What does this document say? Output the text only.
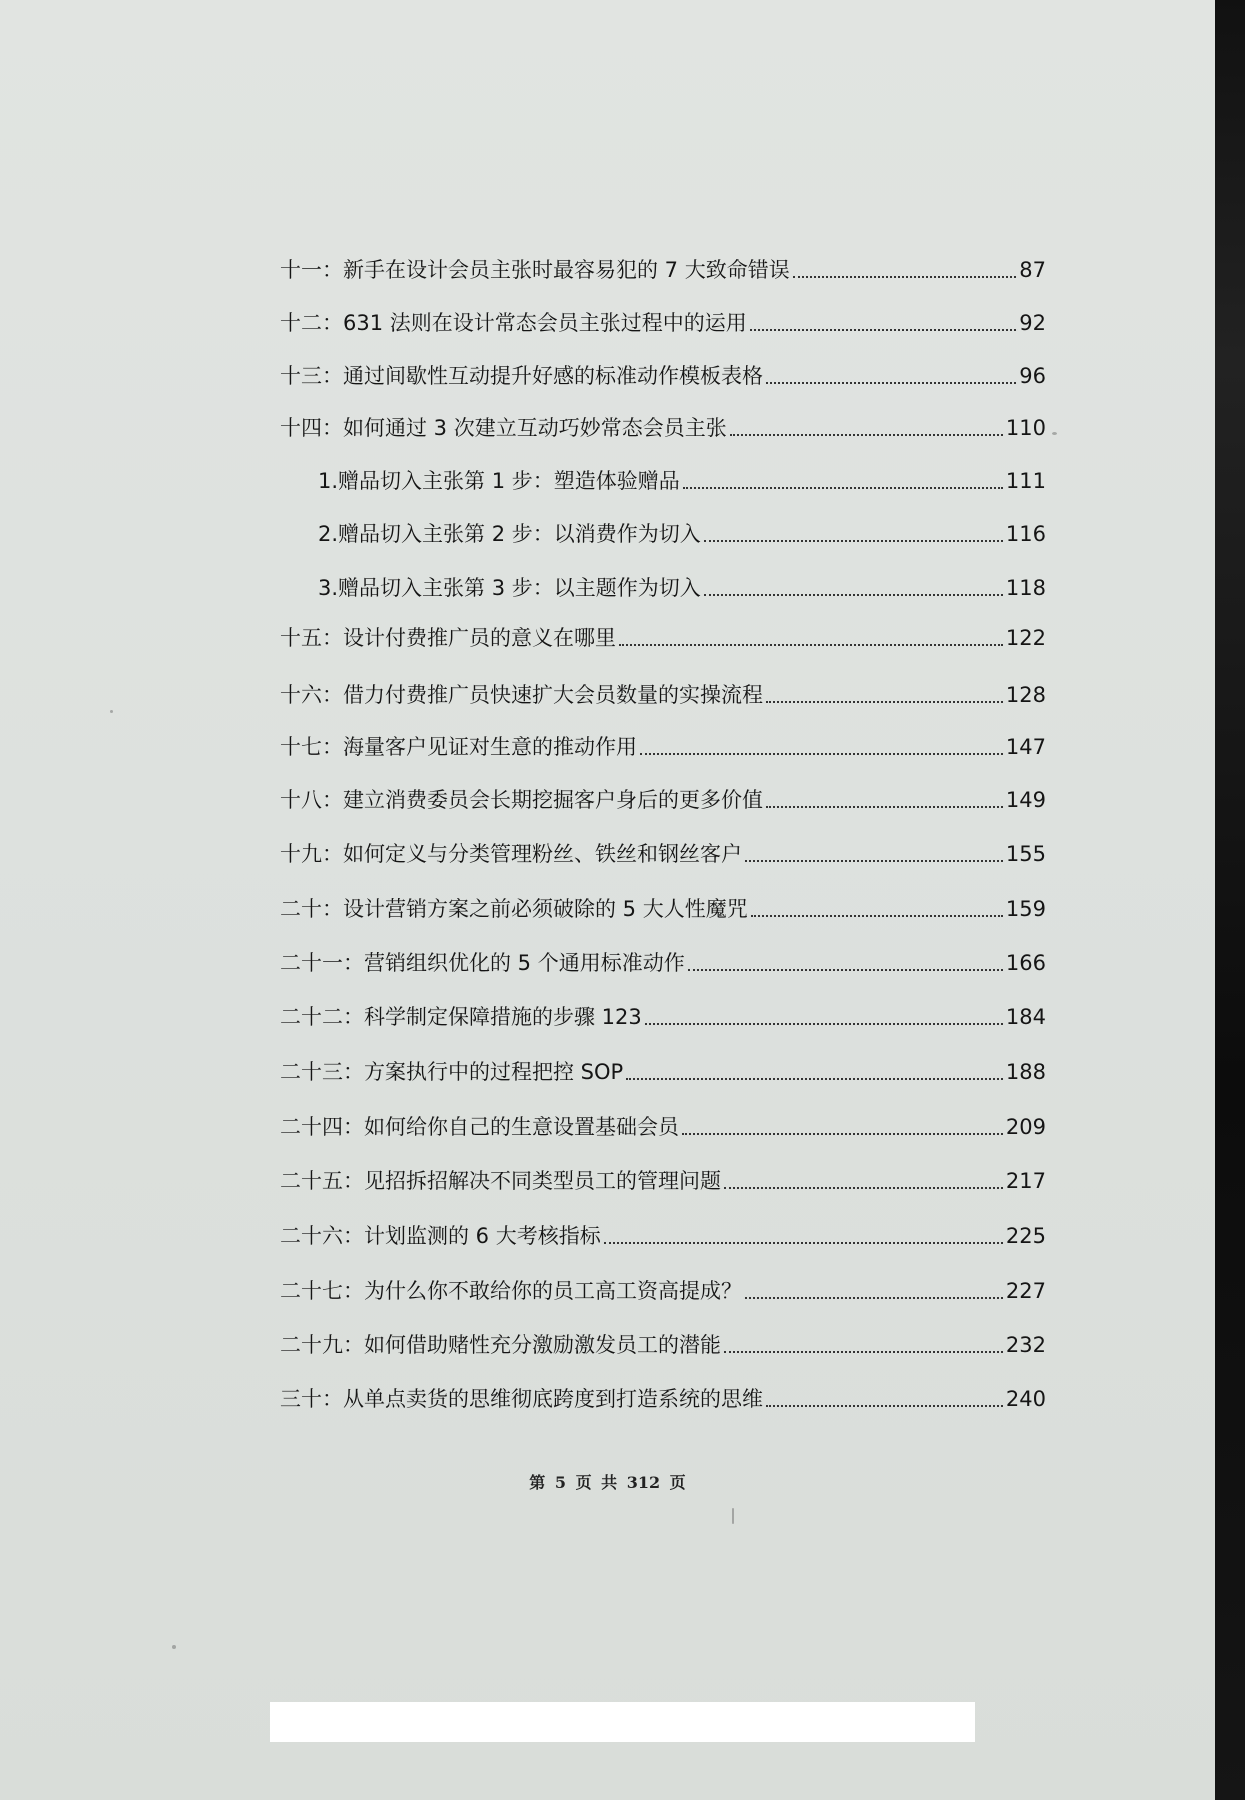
十一：新手在设计会员主张时最容易犯的 7 大致命错误	87
十二：631 法则在设计常态会员主张过程中的运用	92
十三：通过间歇性互动提升好感的标准动作模板表格	96
十四：如何通过 3 次建立互动巧妙常态会员主张	110
1.赠品切入主张第 1 步：塑造体验赠品	111
2.赠品切入主张第 2 步：以消费作为切入	116
3.赠品切入主张第 3 步：以主题作为切入	118
十五：设计付费推广员的意义在哪里	122
十六：借力付费推广员快速扩大会员数量的实操流程	128
十七：海量客户见证对生意的推动作用	147
十八：建立消费委员会长期挖掘客户身后的更多价值	149
十九：如何定义与分类管理粉丝、铁丝和钢丝客户	155
二十：设计营销方案之前必须破除的 5 大人性魔咒	159
二十一：营销组织优化的 5 个通用标准动作	166
二十二：科学制定保障措施的步骤 123	184
二十三：方案执行中的过程把控 SOP	188
二十四：如何给你自己的生意设置基础会员	209
二十五：见招拆招解决不同类型员工的管理问题	217
二十六：计划监测的 6 大考核指标	225
二十七：为什么你不敢给你的员工高工资高提成？	227
二十九：如何借助赌性充分激励激发员工的潜能	232
三十：从单点卖货的思维彻底跨度到打造系统的思维	240
第 5 页 共 312 页
